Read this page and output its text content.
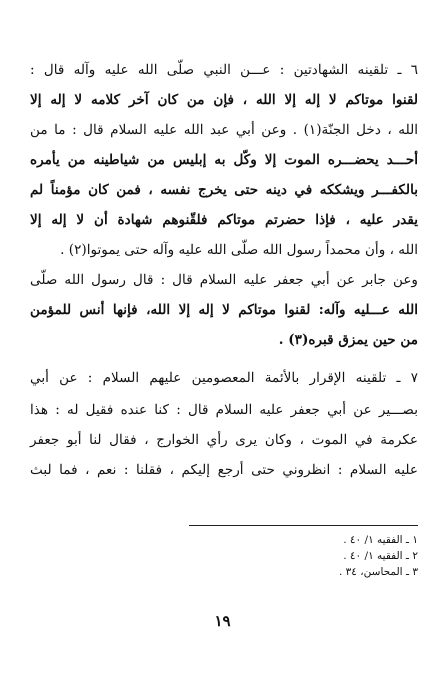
٦ ـ تلقينه الشهادتين : عـــن النبي صلّى الله عليه وآله قال :
لقنوا موتاكم لا إله إلا الله ، فإن من كان آخر كلامه لا إله إلا
الله ، دخل الجنّة(١) . وعن أبي عبد الله عليه السلام قال : ما من
أحـــد يحضـــره الموت إلا وكّل به إبليس من شياطينه من يأمره
بالكفـــر ويشككه في دينه حتى يخرج نفسه ، فمن كان مؤمناً لم
يقدر عليه ، فإذا حضرتم موتاكم فلقّنوهم شهادة أن لا إله إلا
الله ، وأن محمداً رسول الله صلّى الله عليه وآله حتى يموتوا(٢) .
وعن جابر عن أبي جعفر عليه السلام قال : قال رسول الله صلّى
الله عـــليه وآله: لقنوا موتاكم لا إله إلا الله، فإنها أنس للمؤمن
من حين يمزق قبره(٣) .
٧ ـ تلقينه الإقرار بالأئمة المعصومين عليهم السلام : عن أبي
بصـــير عن أبي جعفر عليه السلام قال : كنا عنده فقيل له : هذا
عكرمة في الموت ، وكان يرى رأي الخوارج ، فقال لنا أبو جعفر
عليه السلام : انظروني حتى أرجع إليكم ، فقلنا : نعم ، فما لبث
١ ـ الفقيه ١/ ٤٠ .
٢ ـ الفقيه ١/ ٤٠ .
٣ ـ المحاسن، ٣٤ .
١٩
